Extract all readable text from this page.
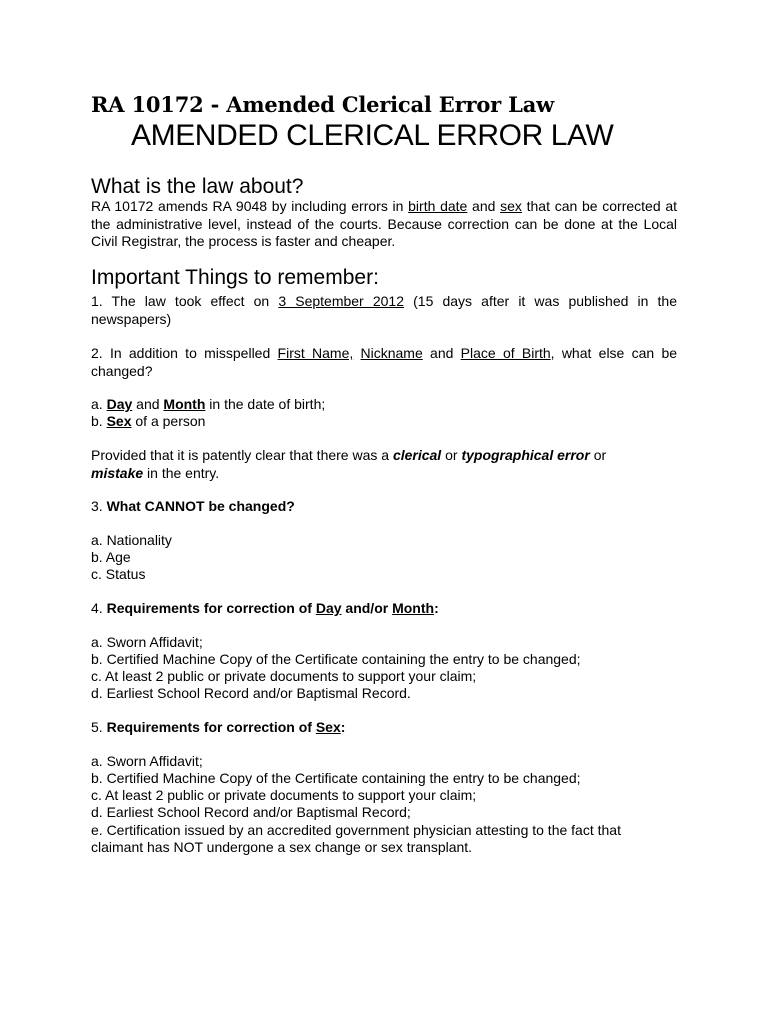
RA 10172 - Amended Clerical Error Law
AMENDED CLERICAL ERROR LAW
What is the law about?
RA 10172 amends RA 9048 by including errors in birth date and sex that can be corrected at the administrative level, instead of the courts. Because correction can be done at the Local Civil Registrar, the process is faster and cheaper.
Important Things to remember:
1. The law took effect on 3 September 2012 (15 days after it was published in the newspapers)
2. In addition to misspelled First Name, Nickname and Place of Birth, what else can be changed?
a. Day and Month in the date of birth;
b. Sex of a person
Provided that it is patently clear that there was a clerical or typographical error or
mistake in the entry.
3. What CANNOT be changed?
a. Nationality
b. Age
c. Status
4. Requirements for correction of Day and/or Month:
a. Sworn Affidavit;
b. Certified Machine Copy of the Certificate containing the entry to be changed;
c. At least 2 public or private documents to support your claim;
d. Earliest School Record and/or Baptismal Record.
5. Requirements for correction of Sex:
a. Sworn Affidavit;
b. Certified Machine Copy of the Certificate containing the entry to be changed;
c. At least 2 public or private documents to support your claim;
d. Earliest School Record and/or Baptismal Record;
e. Certification issued by an accredited government physician attesting to the fact that
claimant has NOT undergone a sex change or sex transplant.
